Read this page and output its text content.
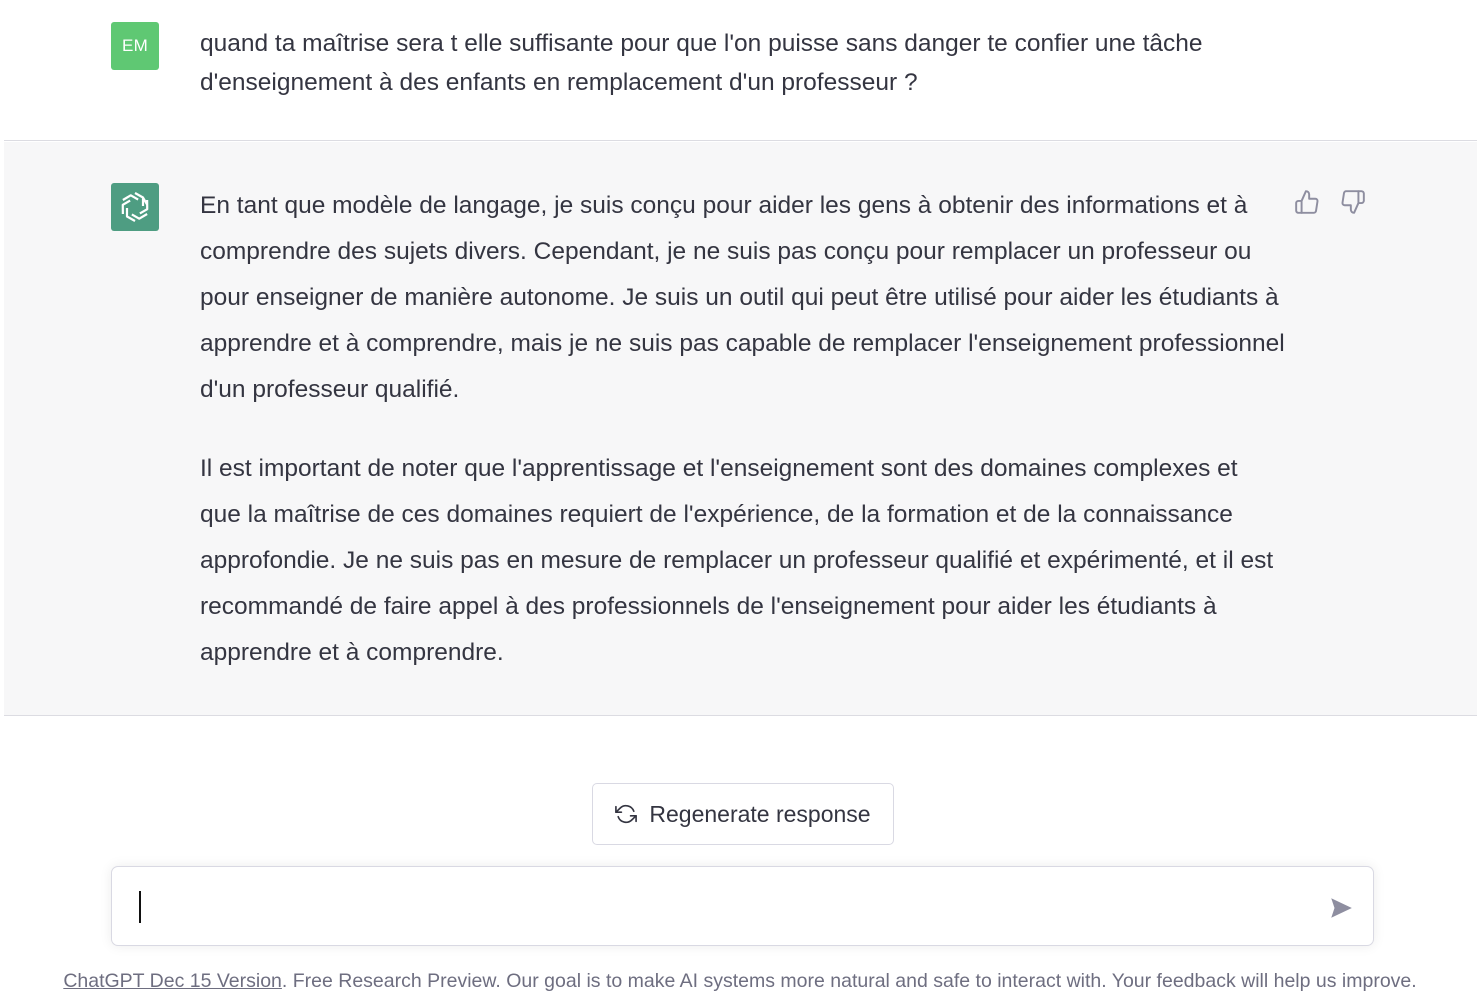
EM	quand ta maîtrise sera t elle suffisante pour que l'on puisse sans danger te confier une tâche d'enseignement à des enfants en remplacement d'un professeur ?

En tant que modèle de langage, je suis conçu pour aider les gens à obtenir des informations et à comprendre des sujets divers. Cependant, je ne suis pas conçu pour remplacer un professeur ou pour enseigner de manière autonome. Je suis un outil qui peut être utilisé pour aider les étudiants à apprendre et à comprendre, mais je ne suis pas capable de remplacer l'enseignement professionnel d'un professeur qualifié.

Il est important de noter que l'apprentissage et l'enseignement sont des domaines complexes et que la maîtrise de ces domaines requiert de l'expérience, de la formation et de la connaissance approfondie. Je ne suis pas en mesure de remplacer un professeur qualifié et expérimenté, et il est recommandé de faire appel à des professionnels de l'enseignement pour aider les étudiants à apprendre et à comprendre.

Regenerate response
ChatGPT Dec 15 Version. Free Research Preview. Our goal is to make AI systems more natural and safe to interact with. Your feedback will help us improve.
